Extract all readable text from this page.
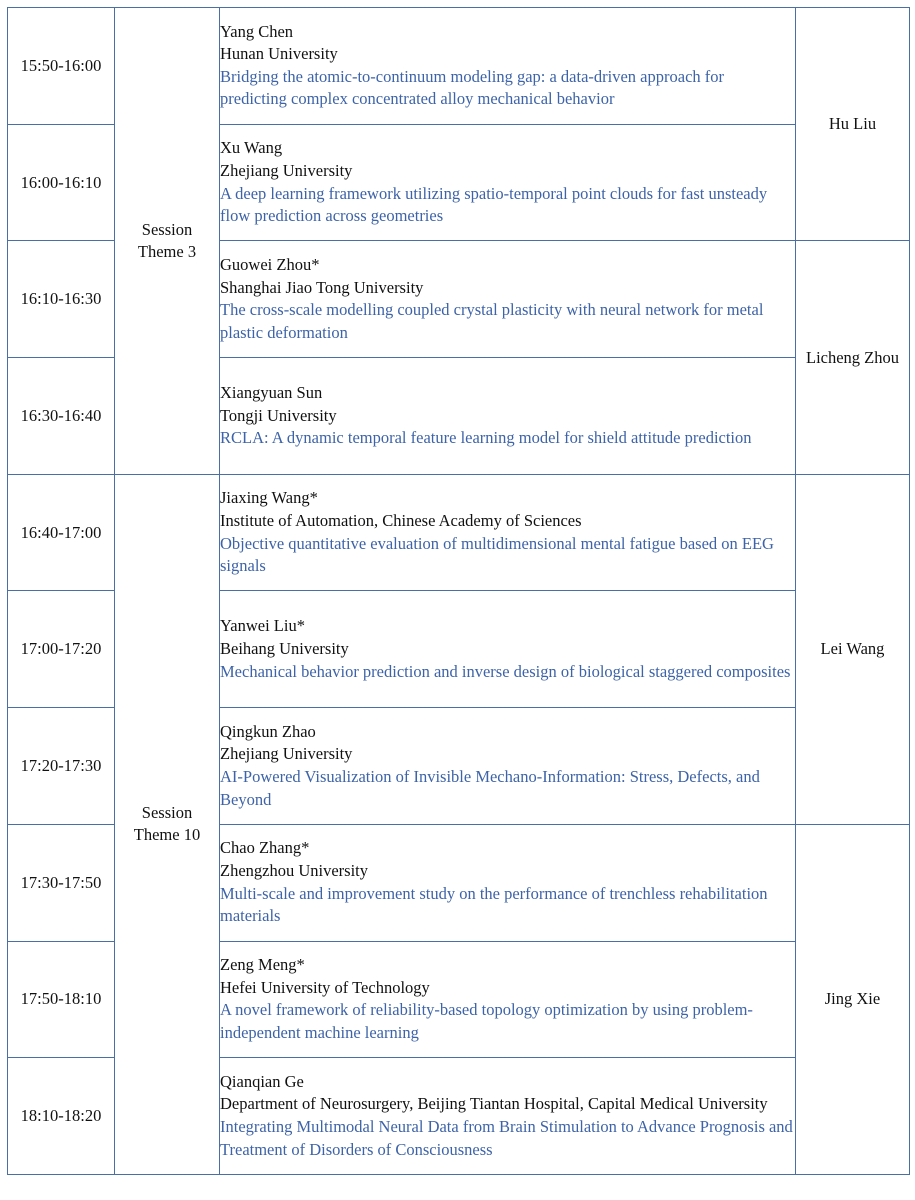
15:50-16:00	Session
Theme 3	Yang Chen
Hunan University
Bridging the atomic-to-continuum modeling gap: a data-driven approach for predicting complex concentrated alloy mechanical behavior	Hu Liu
16:00-16:10		Xu Wang
Zhejiang University
A deep learning framework utilizing spatio-temporal point clouds for fast unsteady flow prediction across geometries	

16:10-16:30		Guowei Zhou*
Shanghai Jiao Tong University
The cross-scale modelling coupled crystal plasticity with neural network for metal plastic deformation	Licheng Zhou
16:30-16:40		Xiangyuan Sun
Tongji University
RCLA: A dynamic temporal feature learning model for shield attitude prediction	

16:40-17:00	Session
Theme 10	Jiaxing Wang*
Institute of Automation, Chinese Academy of Sciences
Objective quantitative evaluation of multidimensional mental fatigue based on EEG signals	Lei Wang
17:00-17:20		Yanwei Liu*
Beihang University
Mechanical behavior prediction and inverse design of biological staggered composites	

17:20-17:30		Qingkun Zhao
Zhejiang University
AI-Powered Visualization of Invisible Mechano-Information: Stress, Defects, and Beyond	

17:30-17:50		Chao Zhang*
Zhengzhou University
Multi-scale and improvement study on the performance of trenchless rehabilitation materials	Jing Xie
17:50-18:10		Zeng Meng*
Hefei University of Technology
A novel framework of reliability-based topology optimization by using problem-independent machine learning	

18:10-18:20		Qianqian Ge
Department of Neurosurgery, Beijing Tiantan Hospital, Capital Medical University
Integrating Multimodal Neural Data from Brain Stimulation to Advance Prognosis and Treatment of Disorders of Consciousness	
